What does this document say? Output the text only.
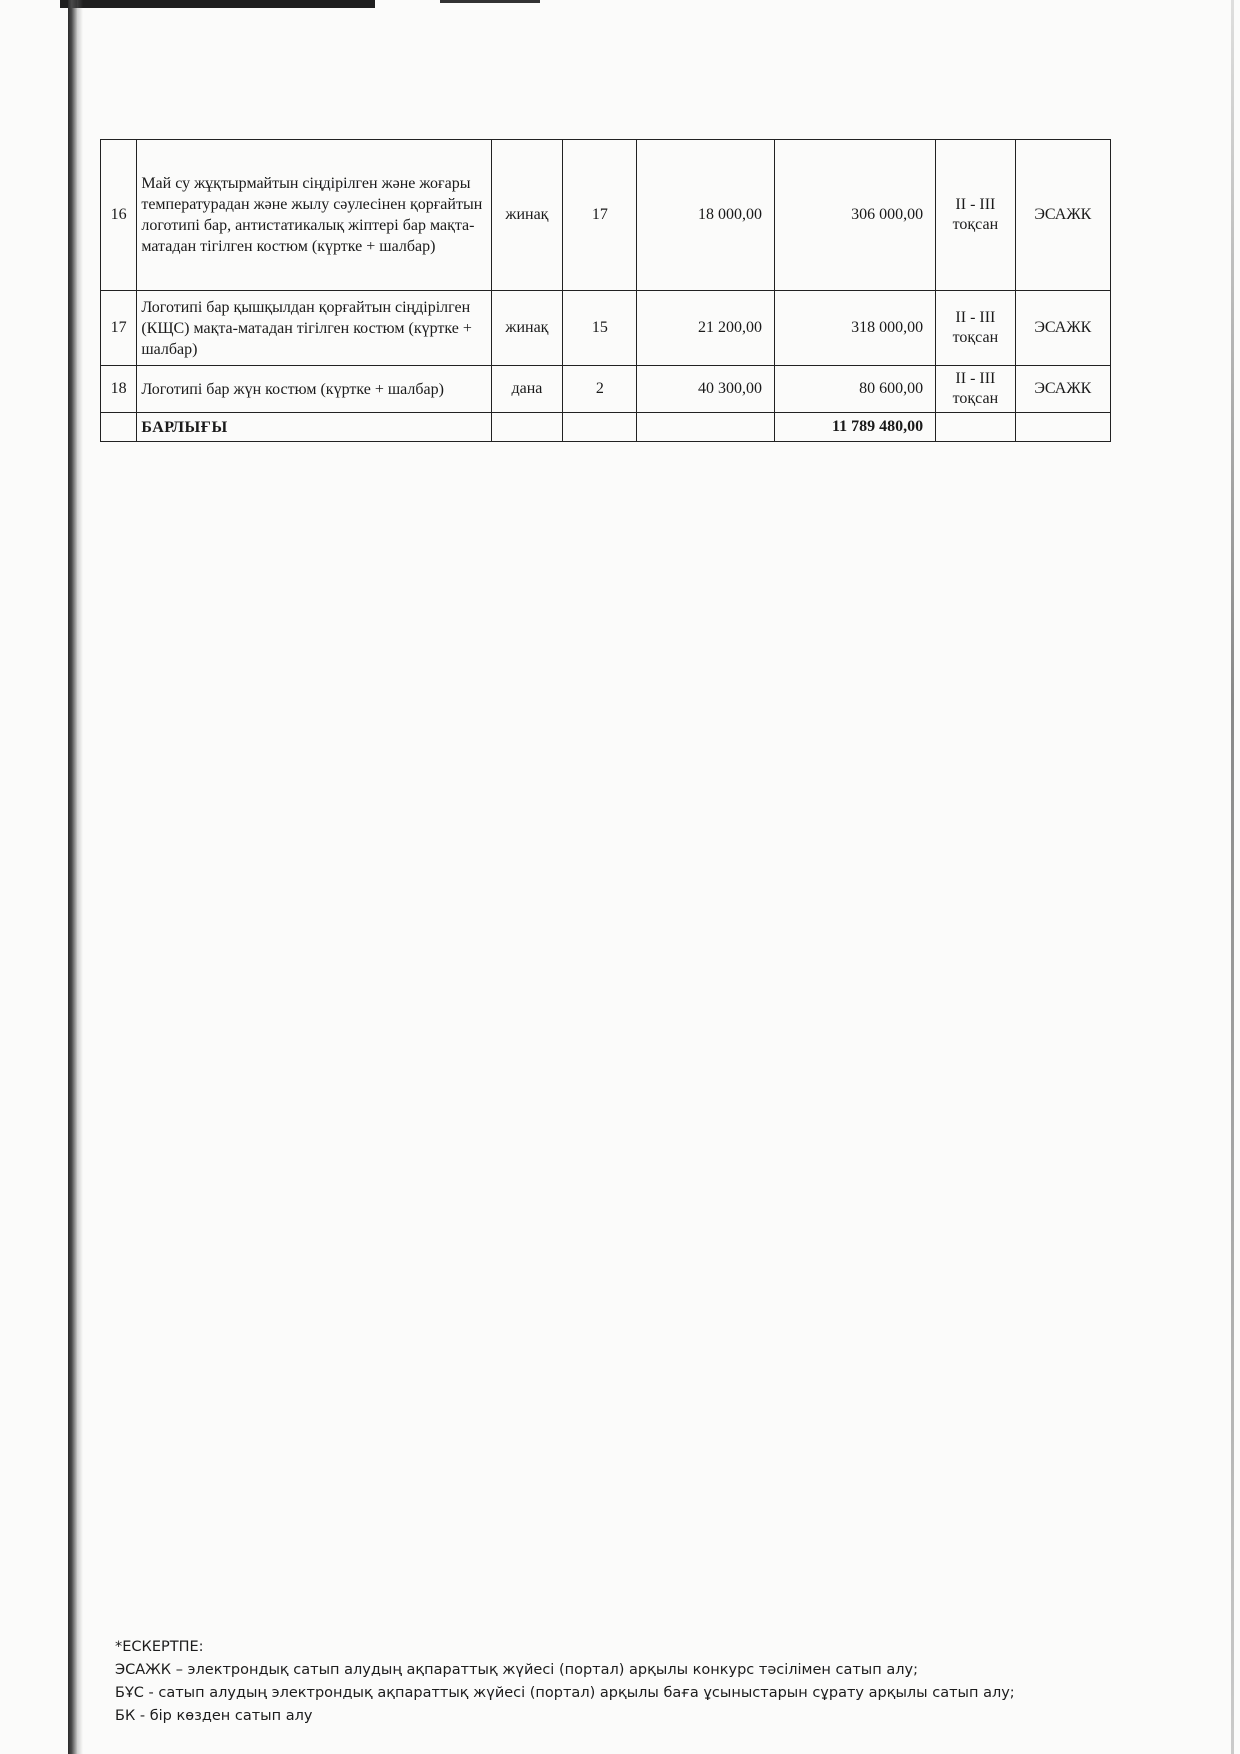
16	Май су жұқтырмайтын сіңдірілген және жоғары температурадан және жылу сәулесінен қорғайтын логотипі бар, антистатикалық жіптері бар мақта-матадан тігілген костюм (күртке + шалбар)	жинақ	17	18 000,00	306 000,00	II - III тоқсан	ЭСАЖК
17	Логотипі бар қышқылдан қорғайтын сіңдірілген (КЩС) мақта-матадан тігілген костюм (күртке + шалбар)	жинақ	15	21 200,00	318 000,00	II - III тоқсан	ЭСАЖК
18	Логотипі бар жүн костюм (күртке + шалбар)	дана	2	40 300,00	80 600,00	II - III тоқсан	ЭСАЖК
	БАРЛЫҒЫ				11 789 480,00		
*ЕСКЕРТПЕ:
ЭСАЖК – электрондық сатып алудың ақпараттық жүйесі (портал) арқылы конкурс тәсілімен сатып алу;
БҰС - сатып алудың электрондық ақпараттық жүйесі (портал) арқылы баға ұсыныстарын сұрату арқылы сатып алу;
БК - бір көзден сатып алу
